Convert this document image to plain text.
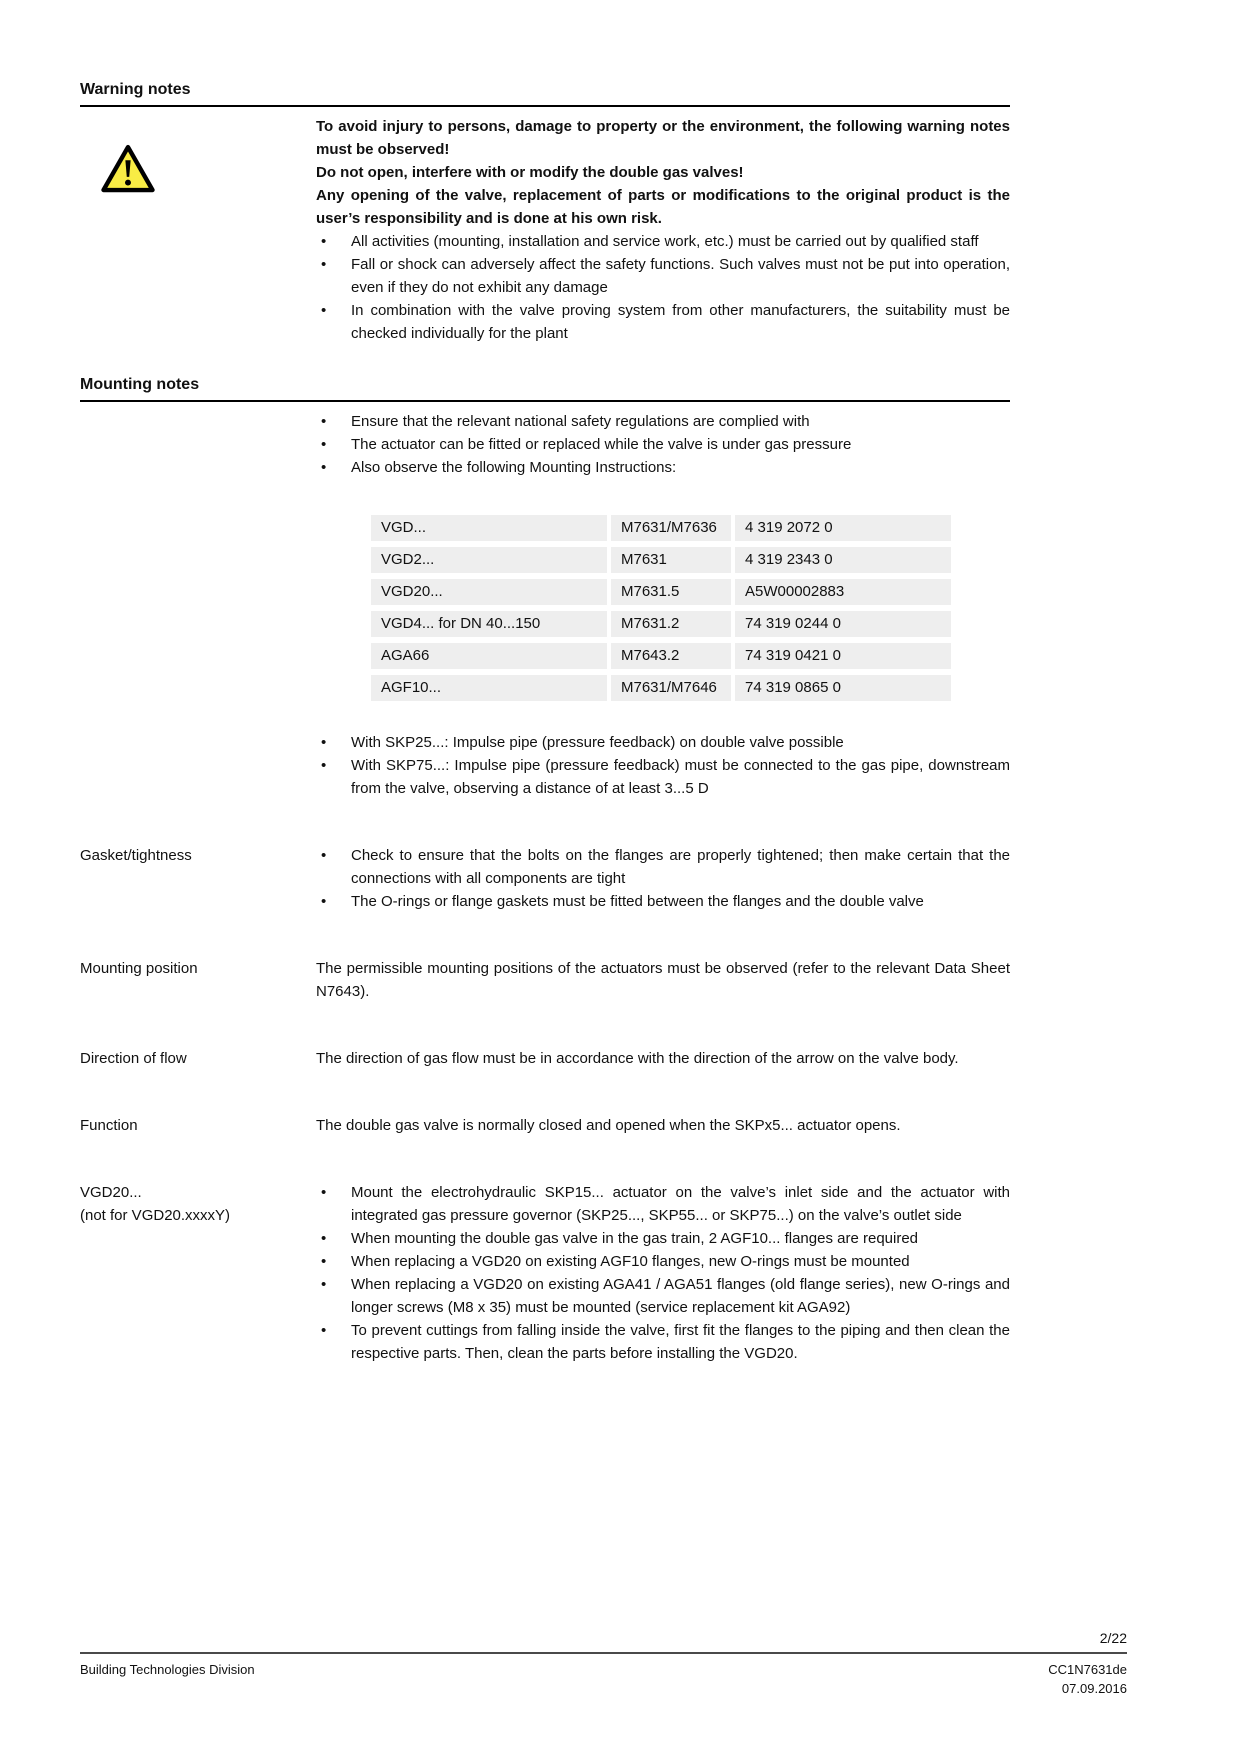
Warning notes

To avoid injury to persons, damage to property or the environment, the following warning notes must be observed!

Do not open, interfere with or modify the double gas valves!

Any opening of the valve, replacement of parts or modifications to the original product is the user’s responsibility and is done at his own risk.

• All activities (mounting, installation and service work, etc.) must be carried out by qualified staff
• Fall or shock can adversely affect the safety functions. Such valves must not be put into operation, even if they do not exhibit any damage
• In combination with the valve proving system from other manufacturers, the suitability must be checked individually for the plant
Mounting notes
• Ensure that the relevant national safety regulations are complied with
• The actuator can be fitted or replaced while the valve is under gas pressure
• Also observe the following Mounting Instructions:
VGD...	M7631/M7636	4 319 2072 0
VGD2...	M7631	4 319 2343 0
VGD20...	M7631.5	A5W00002883
VGD4... for DN 40...150	M7631.2	74 319 0244 0
AGA66	M7643.2	74 319 0421 0
AGF10...	M7631/M7646	74 319 0865 0
• With SKP25...: Impulse pipe (pressure feedback) on double valve possible
• With SKP75...: Impulse pipe (pressure feedback) must be connected to the gas pipe, downstream from the valve, observing a distance of at least 3...5 D
Gasket/tightness	• Check to ensure that the bolts on the flanges are properly tightened; then make certain that the connections with all components are tight
• The O-rings or flange gaskets must be fitted between the flanges and the double valve
Mounting position	The permissible mounting positions of the actuators must be observed (refer to the relevant Data Sheet N7643).

Direction of flow	The direction of gas flow must be in accordance with the direction of the arrow on the valve body.

Function	The double gas valve is normally closed and opened when the SKPx5... actuator opens.

VGD20...
(not for VGD20.xxxxY)
• Mount the electrohydraulic SKP15... actuator on the valve’s inlet side and the actuator with integrated gas pressure governor (SKP25..., SKP55... or SKP75...) on the valve’s outlet side
• When mounting the double gas valve in the gas train, 2 AGF10... flanges are required
• When replacing a VGD20 on existing AGF10 flanges, new O-rings must be mounted
• When replacing a VGD20 on existing AGA41 / AGA51 flanges (old flange series), new O-rings and longer screws (M8 x 35) must be mounted (service replacement kit AGA92)
• To prevent cuttings from falling inside the valve, first fit the flanges to the piping and then clean the respective parts. Then, clean the parts before installing the VGD20.
2/22
Building Technologies Division	CC1N7631de
07.09.2016
